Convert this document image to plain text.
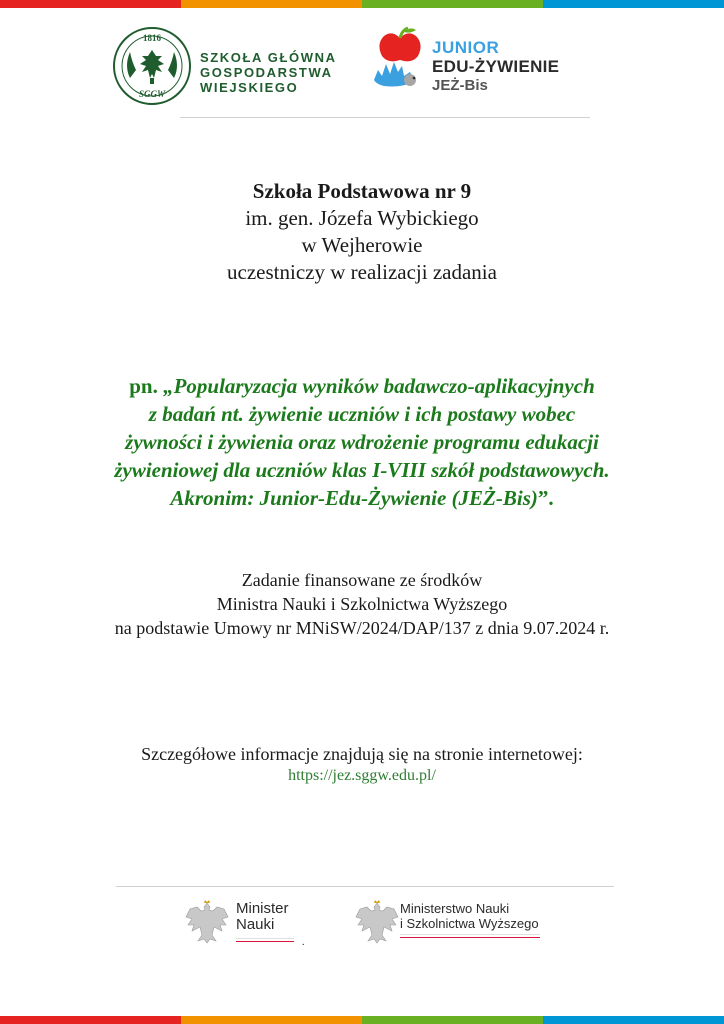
1816
SGGW
SZKOŁA GŁÓWNA
GOSPODARSTWA
WIEJSKIEGO
JUNIOR
EDU-ŻYWIENIE
JEŻ-Bis
Szkoła Podstawowa nr 9
im. gen. Józefa Wybickiego
w Wejherowie
uczestniczy w realizacji zadania
pn. „Popularyzacja wyników badawczo-aplikacyjnych
z badań nt. żywienie uczniów i ich postawy wobec
żywności i żywienia oraz wdrożenie programu edukacji
żywieniowej dla uczniów klas I-VIII szkół podstawowych.
Akronim: Junior-Edu-Żywienie (JEŻ-Bis)”.
Zadanie finansowane ze środków
Ministra Nauki i Szkolnictwa Wyższego
na podstawie Umowy nr MNiSW/2024/DAP/137 z dnia 9.07.2024 r.
Szczegółowe informacje znajdują się na stronie internetowej:
https://jez.sggw.edu.pl/
Minister
Nauki
Ministerstwo Nauki
i Szkolnictwa Wyższego
.
